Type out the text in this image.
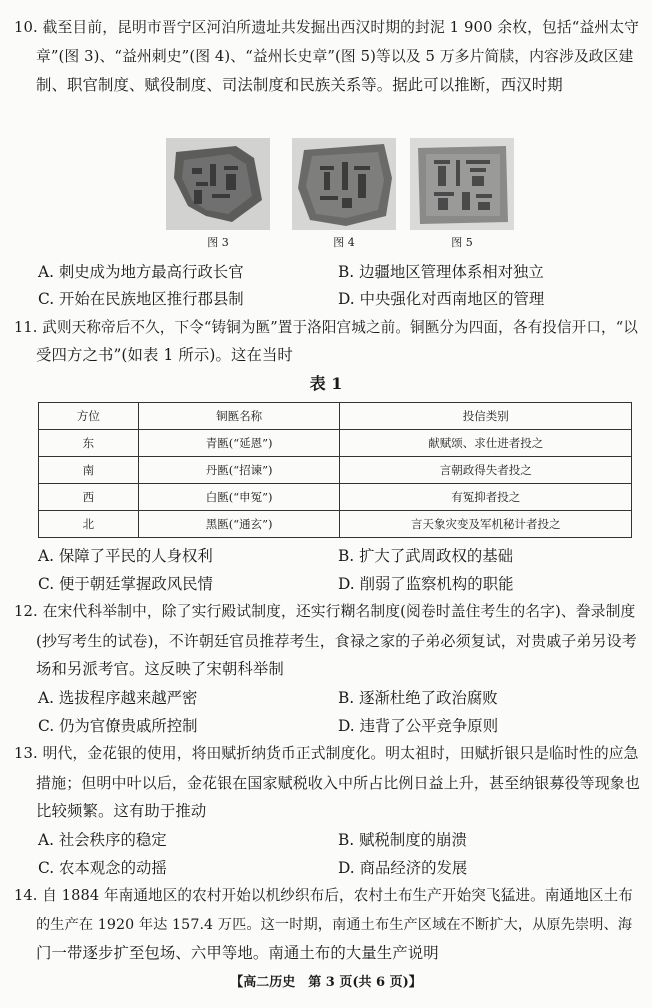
10. 截至目前，昆明市晋宁区河泊所遗址共发掘出西汉时期的封泥 1 900 余枚，包括“益州太守
章”(图 3)、“益州刺史”(图 4)、“益州长史章”(图 5)等以及 5 万多片简牍，内容涉及政区建
制、职官制度、赋役制度、司法制度和民族关系等。据此可以推断，西汉时期
图 3	图 4	图 5
A. 刺史成为地方最高行政长官	B. 边疆地区管理体系相对独立
C. 开始在民族地区推行郡县制	D. 中央强化对西南地区的管理
11. 武则天称帝后不久，下令“铸铜为匦”置于洛阳宫城之前。铜匦分为四面，各有投信开口，“以
受四方之书”(如表 1 所示)。这在当时
表 1
方位	铜匦名称	投信类别
东	青匦(“延恩”)	献赋颂、求仕进者投之
南	丹匦(“招谏”)	言朝政得失者投之
西	白匦(“申冤”)	有冤抑者投之
北	黑匦(“通玄”)	言天象灾变及军机秘计者投之
A. 保障了平民的人身权利	B. 扩大了武周政权的基础
C. 便于朝廷掌握政风民情	D. 削弱了监察机构的职能
12. 在宋代科举制中，除了实行殿试制度，还实行糊名制度(阅卷时盖住考生的名字)、誊录制度
(抄写考生的试卷)，不许朝廷官员推荐考生，食禄之家的子弟必须复试，对贵戚子弟另设考
场和另派考官。这反映了宋朝科举制
A. 选拔程序越来越严密	B. 逐渐杜绝了政治腐败
C. 仍为官僚贵戚所控制	D. 违背了公平竞争原则
13. 明代，金花银的使用，将田赋折纳货币正式制度化。明太祖时，田赋折银只是临时性的应急
措施；但明中叶以后，金花银在国家赋税收入中所占比例日益上升，甚至纳银募役等现象也
比较频繁。这有助于推动
A. 社会秩序的稳定	B. 赋税制度的崩溃
C. 农本观念的动摇	D. 商品经济的发展
14. 自 1884 年南通地区的农村开始以机纱织布后，农村土布生产开始突飞猛进。南通地区土布
的生产在 1920 年达 157.4 万匹。这一时期，南通土布生产区域在不断扩大，从原先崇明、海
门一带逐步扩至包场、六甲等地。南通土布的大量生产说明
【高二历史　第 3 页(共 6 页)】
